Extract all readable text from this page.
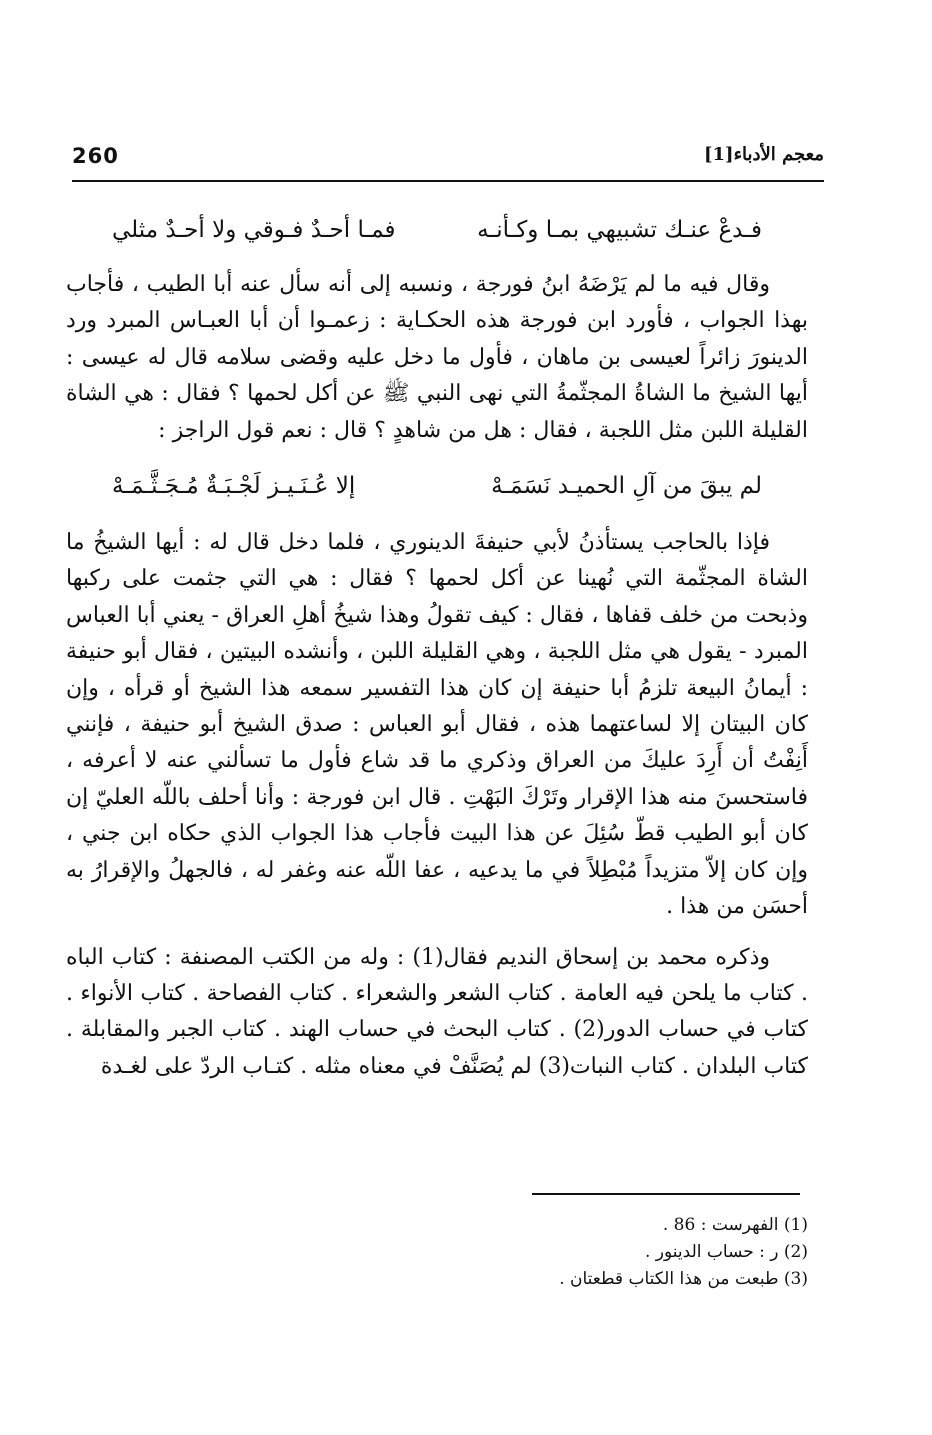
260	معجم الأدباء[1]
فـدعْ عنـك تشبيهي بمـا وكـأنـه
فمـا أحـدٌ فـوقي ولا أحـدٌ مثلي

وقال فيه ما لم يَرْضَهُ ابنُ فورجة ، ونسبه إلى أنه سأل عنه أبا الطيب ، فأجاب بهذا الجواب ، فأورد ابن فورجة هذه الحكـاية : زعمـوا أن أبا العبـاس المبرد ورد الدينورَ زائراً لعيسى بن ماهان ، فأول ما دخل عليه وقضى سلامه قال له عيسى : أيها الشيخ ما الشاةُ المجثّمةُ التي نهى النبي ﷺ عن أكل لحمها ؟ فقال : هي الشاة القليلة اللبن مثل اللجبة ، فقال : هل من شاهدٍ ؟ قال : نعم قول الراجز :

لم يبقَ من آلِ الحميـد نَسَمَـهْ
إلا عُـنَـيـز لَجْـبَـةٌ مُـجَـثَّـمَـهْ

فإذا بالحاجب يستأذنُ لأبي حنيفةَ الدينوري ، فلما دخل قال له : أيها الشيخُ ما الشاة المجثّمة التي نُهينا عن أكل لحمها ؟ فقال : هي التي جثمت على ركبها وذبحت من خلف قفاها ، فقال : كيف تقولُ وهذا شيخُ أهلِ العراق - يعني أبا العباس المبرد - يقول هي مثل اللجبة ، وهي القليلة اللبن ، وأنشده البيتين ، فقال أبو حنيفة : أيمانُ البيعة تلزمُ أبا حنيفة إن كان هذا التفسير سمعه هذا الشيخ أو قرأه ، وإن كان البيتان إلا لساعتهما هذه ، فقال أبو العباس : صدق الشيخ أبو حنيفة ، فإنني أَنِفْتُ أن أَرِدَ عليكَ من العراق وذكري ما قد شاع فأول ما تسألني عنه لا أعرفه ، فاستحسنَ منه هذا الإقرار وتَرْكَ البَهْتِ . قال ابن فورجة : وأنا أحلف باللّه العليّ إن كان أبو الطيب قطّ سُئِلَ عن هذا البيت فأجاب هذا الجواب الذي حكاه ابن جني ، وإن كان إلاّ متزيداً مُبْطِلاً في ما يدعيه ، عفا اللّه عنه وغفر له ، فالجهلُ والإقرارُ به أحسَن من هذا .

وذكره محمد بن إسحاق النديم فقال(1) : وله من الكتب المصنفة : كتاب الباه . كتاب ما يلحن فيه العامة . كتاب الشعر والشعراء . كتاب الفصاحة . كتاب الأنواء . كتاب في حساب الدور(2) . كتاب البحث في حساب الهند . كتاب الجبر والمقابلة . كتاب البلدان . كتاب النبات(3) لم يُصَنَّفْ في معناه مثله . كتـاب الردّ على لغـدة

(1) الفهرست : 86 .
(2) ر : حساب الدينور .
(3) طبعت من هذا الكتاب قطعتان .
